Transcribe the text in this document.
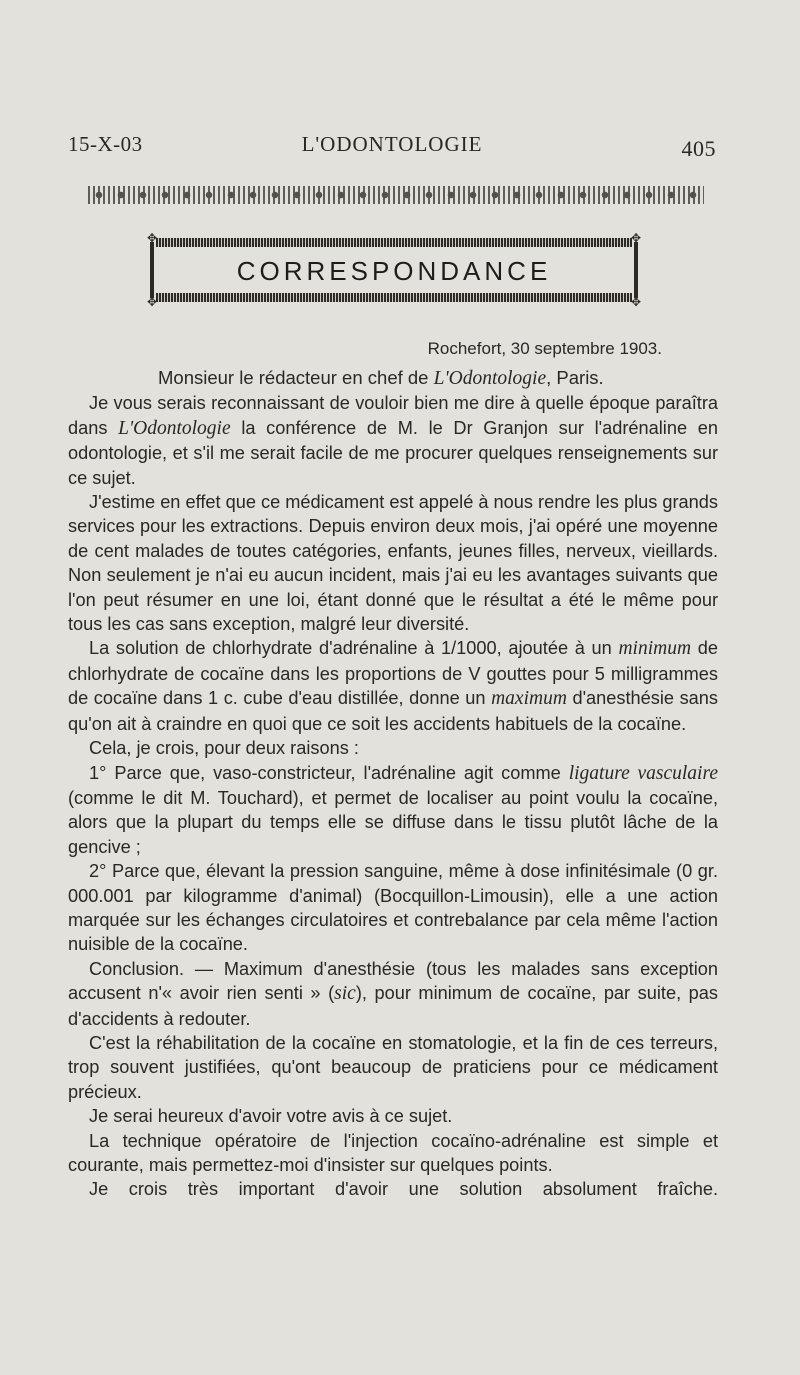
15-X-03	L'ODONTOLOGIE	405
✥	✥
✥	✥
CORRESPONDANCE
Rochefort, 30 septembre 1903.

Monsieur le rédacteur en chef de L'Odontologie, Paris.

Je vous serais reconnaissant de vouloir bien me dire à quelle époque paraîtra dans L'Odontologie la conférence de M. le Dr Granjon sur l'adrénaline en odontologie, et s'il me serait facile de me procurer quelques renseignements sur ce sujet.

J'estime en effet que ce médicament est appelé à nous rendre les plus grands services pour les extractions. Depuis environ deux mois, j'ai opéré une moyenne de cent malades de toutes catégories, enfants, jeunes filles, nerveux, vieillards. Non seulement je n'ai eu aucun incident, mais j'ai eu les avantages suivants que l'on peut résumer en une loi, étant donné que le résultat a été le même pour tous les cas sans exception, malgré leur diversité.

La solution de chlorhydrate d'adrénaline à 1/1000, ajoutée à un minimum de chlorhydrate de cocaïne dans les proportions de V gouttes pour 5 milligrammes de cocaïne dans 1 c. cube d'eau distillée, donne un maximum d'anesthésie sans qu'on ait à craindre en quoi que ce soit les accidents habituels de la cocaïne.

Cela, je crois, pour deux raisons :

1° Parce que, vaso-constricteur, l'adrénaline agit comme ligature vasculaire (comme le dit M. Touchard), et permet de localiser au point voulu la cocaïne, alors que la plupart du temps elle se diffuse dans le tissu plutôt lâche de la gencive ;

2° Parce que, élevant la pression sanguine, même à dose infinitésimale (0 gr. 000.001 par kilogramme d'animal) (Bocquillon-Limousin), elle a une action marquée sur les échanges circulatoires et contrebalance par cela même l'action nuisible de la cocaïne.

Conclusion. — Maximum d'anesthésie (tous les malades sans exception accusent n'« avoir rien senti » (sic), pour minimum de cocaïne, par suite, pas d'accidents à redouter.

C'est la réhabilitation de la cocaïne en stomatologie, et la fin de ces terreurs, trop souvent justifiées, qu'ont beaucoup de praticiens pour ce médicament précieux.

Je serai heureux d'avoir votre avis à ce sujet.

La technique opératoire de l'injection cocaïno-adrénaline est simple et courante, mais permettez-moi d'insister sur quelques points.

Je crois très important d'avoir une solution absolument fraîche.
